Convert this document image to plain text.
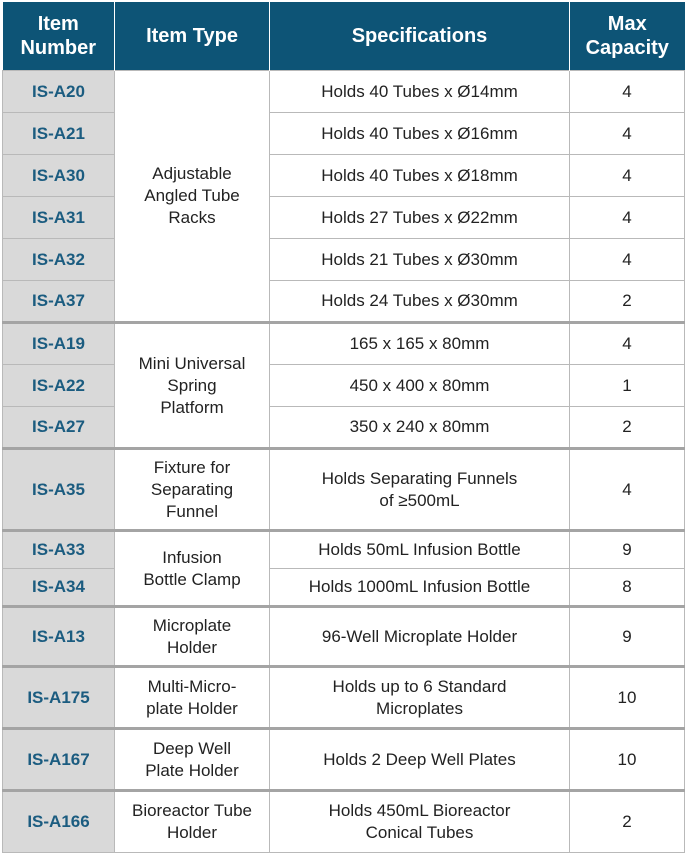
Item
Number	Item Type	Specifications	Max
Capacity
IS-A20	Adjustable
Angled Tube
Racks	Holds 40 Tubes x Ø14mm	4
IS-A21		Holds 40 Tubes x Ø16mm	4
IS-A30		Holds 40 Tubes x Ø18mm	4
IS-A31		Holds 27 Tubes x Ø22mm	4
IS-A32		Holds 21 Tubes x Ø30mm	4
IS-A37		Holds 24 Tubes x Ø30mm	2
IS-A19	Mini Universal
Spring
Platform	165 x 165 x 80mm	4
IS-A22		450 x 400 x 80mm	1
IS-A27		350 x 240 x 80mm	2
IS-A35	Fixture for
Separating
Funnel	Holds Separating Funnels
of ≥500mL	4
IS-A33	Infusion
Bottle Clamp	Holds 50mL Infusion Bottle	9
IS-A34		Holds 1000mL Infusion Bottle	8
IS-A13	Microplate
Holder	96-Well Microplate Holder	9
IS-A175	Multi-Micro-
plate Holder	Holds up to 6 Standard
Microplates	10
IS-A167	Deep Well
Plate Holder	Holds 2 Deep Well Plates	10
IS-A166	Bioreactor Tube
Holder	Holds 450mL Bioreactor
Conical Tubes	2
